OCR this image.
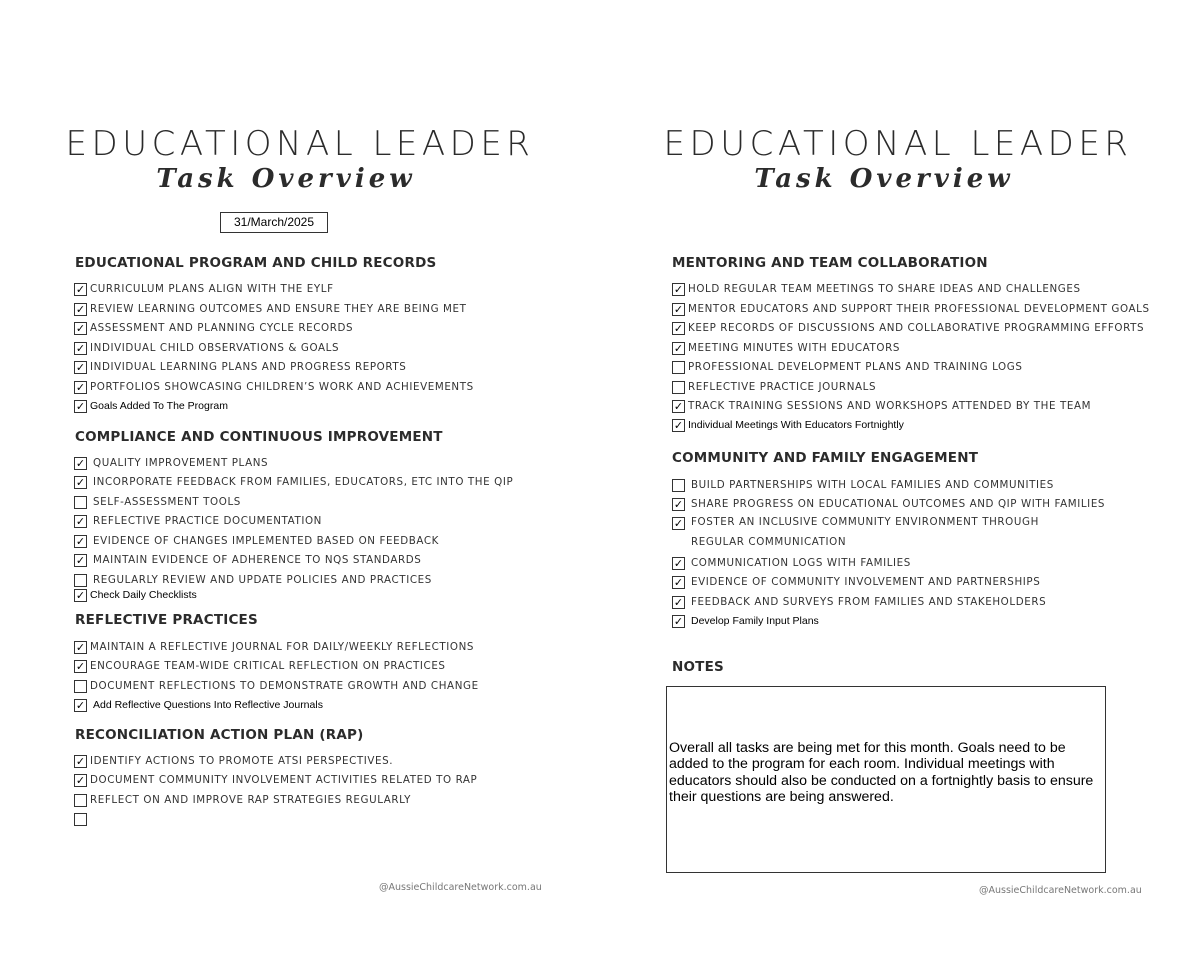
EDUCATIONAL LEADER
Task Overview
31/March/2025
EDUCATIONAL PROGRAM AND CHILD RECORDS
✓ CURRICULUM PLANS ALIGN WITH THE EYLF
✓ REVIEW LEARNING OUTCOMES AND ENSURE THEY ARE BEING MET
✓ ASSESSMENT AND PLANNING CYCLE RECORDS
✓ INDIVIDUAL CHILD OBSERVATIONS & GOALS
✓ INDIVIDUAL LEARNING PLANS AND PROGRESS REPORTS
✓ PORTFOLIOS SHOWCASING CHILDREN’S WORK AND ACHIEVEMENTS
✓ Goals Added To The Program
COMPLIANCE AND CONTINUOUS IMPROVEMENT
✓ QUALITY IMPROVEMENT PLANS
✓ INCORPORATE FEEDBACK FROM FAMILIES, EDUCATORS, ETC INTO THE QIP
SELF-ASSESSMENT TOOLS
✓ REFLECTIVE PRACTICE DOCUMENTATION
✓ EVIDENCE OF CHANGES IMPLEMENTED BASED ON FEEDBACK
✓ MAINTAIN EVIDENCE OF ADHERENCE TO NQS STANDARDS
REGULARLY REVIEW AND UPDATE POLICIES AND PRACTICES
✓ Check Daily Checklists
REFLECTIVE PRACTICES
✓ MAINTAIN A REFLECTIVE JOURNAL FOR DAILY/WEEKLY REFLECTIONS
✓ ENCOURAGE TEAM-WIDE CRITICAL REFLECTION ON PRACTICES
DOCUMENT REFLECTIONS TO DEMONSTRATE GROWTH AND CHANGE
✓ Add Reflective Questions Into Reflective Journals
RECONCILIATION ACTION PLAN (RAP)
✓ IDENTIFY ACTIONS TO PROMOTE ATSI PERSPECTIVES.
✓ DOCUMENT COMMUNITY INVOLVEMENT ACTIVITIES RELATED TO RAP
REFLECT ON AND IMPROVE RAP STRATEGIES REGULARLY
@AussieChildcareNetwork.com.au
EDUCATIONAL LEADER
Task Overview
MENTORING AND TEAM COLLABORATION
✓ HOLD REGULAR TEAM MEETINGS TO SHARE IDEAS AND CHALLENGES
✓ MENTOR EDUCATORS AND SUPPORT THEIR PROFESSIONAL DEVELOPMENT GOALS
✓ KEEP RECORDS OF DISCUSSIONS AND COLLABORATIVE PROGRAMMING EFFORTS
✓ MEETING MINUTES WITH EDUCATORS
PROFESSIONAL DEVELOPMENT PLANS AND TRAINING LOGS
REFLECTIVE PRACTICE JOURNALS
✓ TRACK TRAINING SESSIONS AND WORKSHOPS ATTENDED BY THE TEAM
✓ Individual Meetings With Educators Fortnightly
COMMUNITY AND FAMILY ENGAGEMENT
BUILD PARTNERSHIPS WITH LOCAL FAMILIES AND COMMUNITIES
✓ SHARE PROGRESS ON EDUCATIONAL OUTCOMES AND QIP WITH FAMILIES
✓ FOSTER AN INCLUSIVE COMMUNITY ENVIRONMENT THROUGH REGULAR COMMUNICATION
✓ COMMUNICATION LOGS WITH FAMILIES
✓ EVIDENCE OF COMMUNITY INVOLVEMENT AND PARTNERSHIPS
✓ FEEDBACK AND SURVEYS FROM FAMILIES AND STAKEHOLDERS
✓ Develop Family Input Plans
NOTES

Overall all tasks are being met for this month. Goals need to be added to the program for each room. Individual meetings with educators should also be conducted on a fortnightly basis to ensure their questions are being answered.

@AussieChildcareNetwork.com.au
